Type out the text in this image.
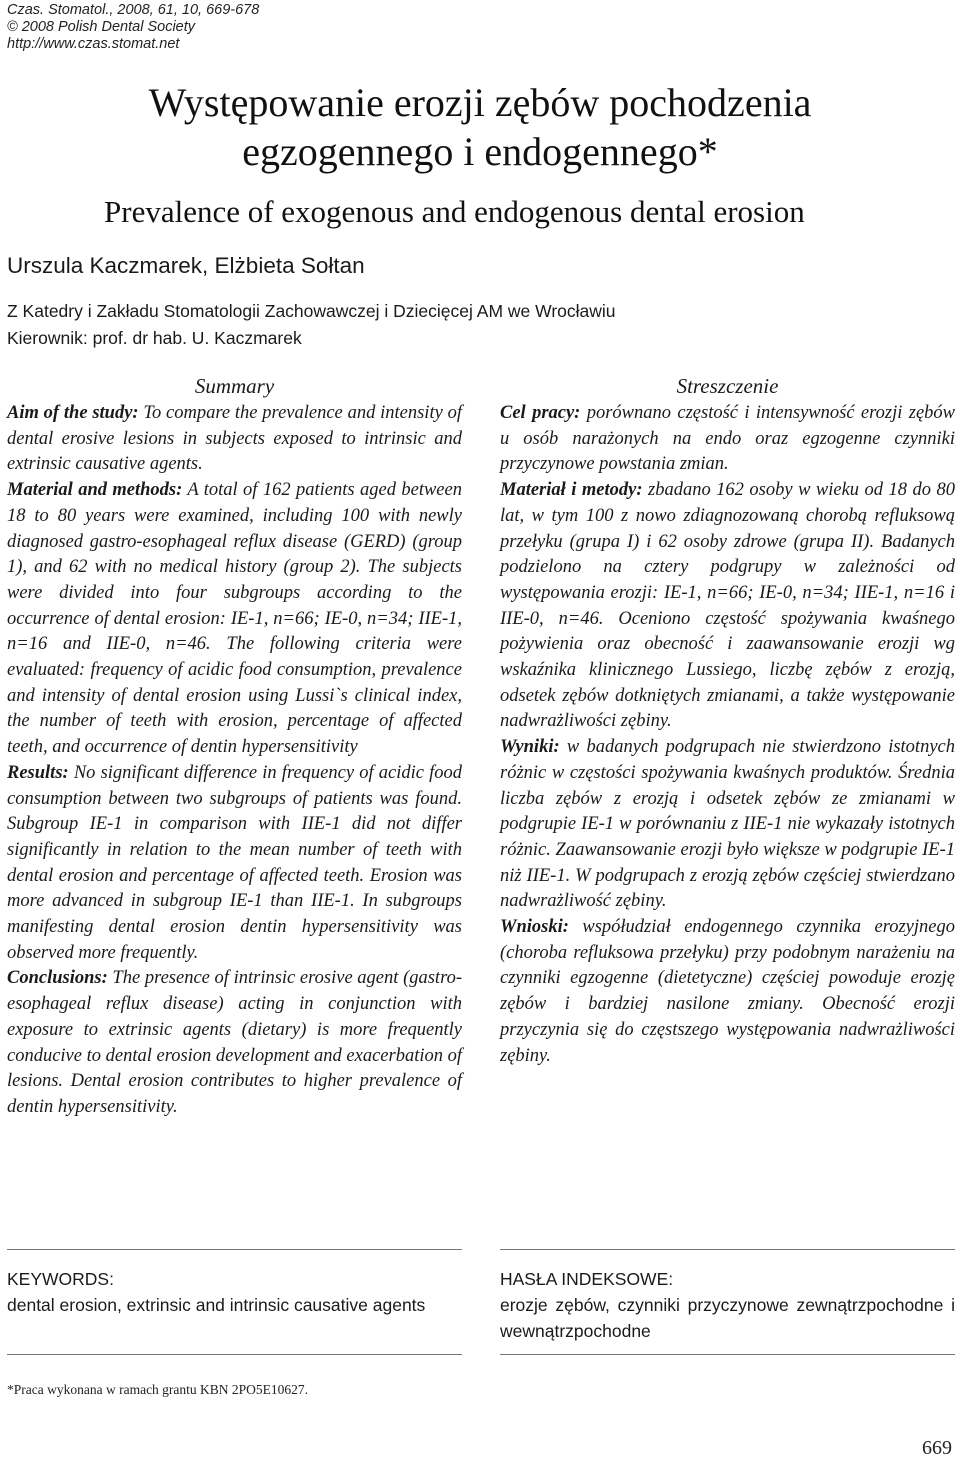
Czas. Stomatol., 2008, 61, 10, 669-678
© 2008 Polish Dental Society
http://www.czas.stomat.net
Występowanie erozji zębów pochodzenia
egzogennego i endogennego*
Prevalence of exogenous and endogenous dental erosion
Urszula Kaczmarek, Elżbieta Sołtan
Z Katedry i Zakładu Stomatologii Zachowawczej i Dziecięcej AM we Wrocławiu
Kierownik: prof. dr hab. U. Kaczmarek
Summary

Aim of the study: To compare the prevalence and intensity of dental erosive lesions in subjects exposed to intrinsic and extrinsic causative agents.

Material and methods: A total of 162 patients aged between 18 to 80 years were examined, including 100 with newly diagnosed gastro-esophageal reflux disease (GERD) (group 1), and 62 with no medical history (group 2). The subjects were divided into four subgroups according to the occurrence of dental erosion: IE-1, n=66; IE-0, n=34; IIE-1, n=16 and IIE-0, n=46. The following criteria were evaluated: frequency of acidic food consumption, prevalence and intensity of dental erosion using Lussi`s clinical index, the number of teeth with erosion, percentage of affected teeth, and occurrence of dentin hypersensitivity

Results: No significant difference in frequency of acidic food consumption between two subgroups of patients was found. Subgroup IE-1 in comparison with IIE-1 did not differ significantly in relation to the mean number of teeth with dental erosion and percentage of affected teeth. Erosion was more advanced in subgroup IE-1 than IIE-1. In subgroups manifesting dental erosion dentin hypersensitivity was observed more frequently.

Conclusions: The presence of intrinsic erosive agent (gastro-esophageal reflux disease) acting in conjunction with exposure to extrinsic agents (dietary) is more frequently conducive to dental erosion development and exacerbation of lesions. Dental erosion contributes to higher prevalence of dentin hypersensitivity.

Streszczenie

Cel pracy: porównano częstość i intensywność erozji zębów u osób narażonych na endo oraz egzogenne czynniki przyczynowe powstania zmian.

Materiał i metody: zbadano 162 osoby w wieku od 18 do 80 lat, w tym 100 z nowo zdiagnozowaną chorobą refluksową przełyku (grupa I) i 62 osoby zdrowe (grupa II). Badanych podzielono na cztery podgrupy w zależności od występowania erozji: IE-1, n=66; IE-0, n=34; IIE-1, n=16 i IIE-0, n=46. Oceniono częstość spożywania kwaśnego pożywienia oraz obecność i zaawansowanie erozji wg wskaźnika klinicznego Lussiego, liczbę zębów z erozją, odsetek zębów dotkniętych zmianami, a także występowanie nadwrażliwości zębiny.

Wyniki: w badanych podgrupach nie stwierdzono istotnych różnic w częstości spożywania kwaśnych produktów. Średnia liczba zębów z erozją i odsetek zębów ze zmianami w podgrupie IE-1 w porównaniu z IIE-1 nie wykazały istotnych różnic. Zaawansowanie erozji było większe w podgrupie IE-1 niż IIE-1. W podgrupach z erozją zębów częściej stwierdzano nadwrażliwość zębiny.

Wnioski: współudział endogennego czynnika erozyjnego (choroba refluksowa przełyku) przy podobnym narażeniu na czynniki egzogenne (dietetyczne) częściej powoduje erozję zębów i bardziej nasilone zmiany. Obecność erozji przyczynia się do częstszego występowania nadwrażliwości zębiny.

KEYWORDS:
dental erosion, extrinsic and intrinsic causative agents
HASŁA INDEKSOWE:
erozje zębów, czynniki przyczynowe zewnątrzpochodne i wewnątrzpochodne
*Praca wykonana w ramach grantu KBN 2PO5E10627.
669
